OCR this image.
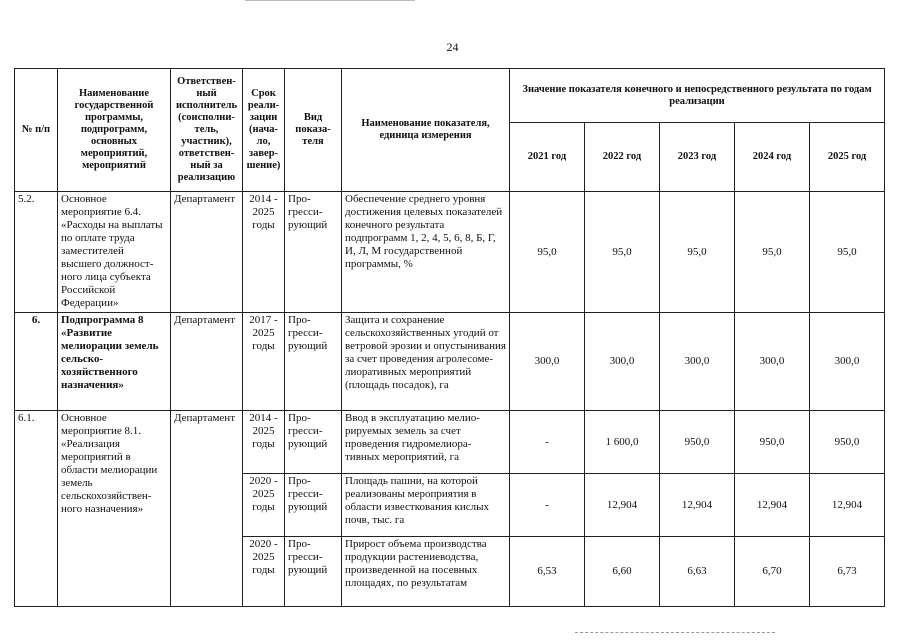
24
№ п/п	Наименование государственной программы, подпрограмм, основных мероприятий, мероприятий	Ответствен-ный исполнитель (соисполни-тель, участник), ответствен-ный за реализацию	Срок реали-зации (нача-ло, завер-шение)	Вид показа-теля	Наименование показателя, единица измерения	Значение показателя конечного и непосредственного результата по годам реализации				
						2021 год	2022 год	2023 год	2024 год	2025 год
5.2.	Основное мероприятие 6.4. «Расходы на выплаты по оплате труда заместителей высшего должност-ного лица субъекта Российской Федерации»	Департамент	2014 - 2025 годы	Про-гресси-рующий	Обеспечение среднего уровня достижения целевых показателей конечного результата подпрограмм 1, 2, 4, 5, 6, 8, Б, Г, И, Л, М государственной программы, %	95,0	95,0	95,0	95,0	95,0
6.	Подпрограмма 8 «Развитие мелиорации земель сельско-хозяйственного назначения»	Департамент	2017 - 2025 годы	Про-гресси-рующий	Защита и сохранение сельскохозяйственных угодий от ветровой эрозии и опустынивания за счет проведения агролесоме-лиоративных мероприятий (площадь посадок), га	300,0	300,0	300,0	300,0	300,0
6.1.	Основное мероприятие 8.1. «Реализация мероприятий в области мелиорации земель сельскохозяйствен-ного назначения»	Департамент	2014 - 2025 годы	Про-гресси-рующий	Ввод в эксплуатацию мелио-рируемых земель за счет проведения гидромелиора-тивных мероприятий, га	-	1 600,0	950,0	950,0	950,0
			2020 - 2025 годы	Про-гресси-рующий	Площадь пашни, на которой реализованы мероприятия в области известкования кислых почв, тыс. га	-	12,904	12,904	12,904	12,904
			2020 - 2025 годы	Про-гресси-рующий	Прирост объема производства продукции растениеводства, произведенной на посевных площадях, по результатам	6,53	6,60	6,63	6,70	6,73
